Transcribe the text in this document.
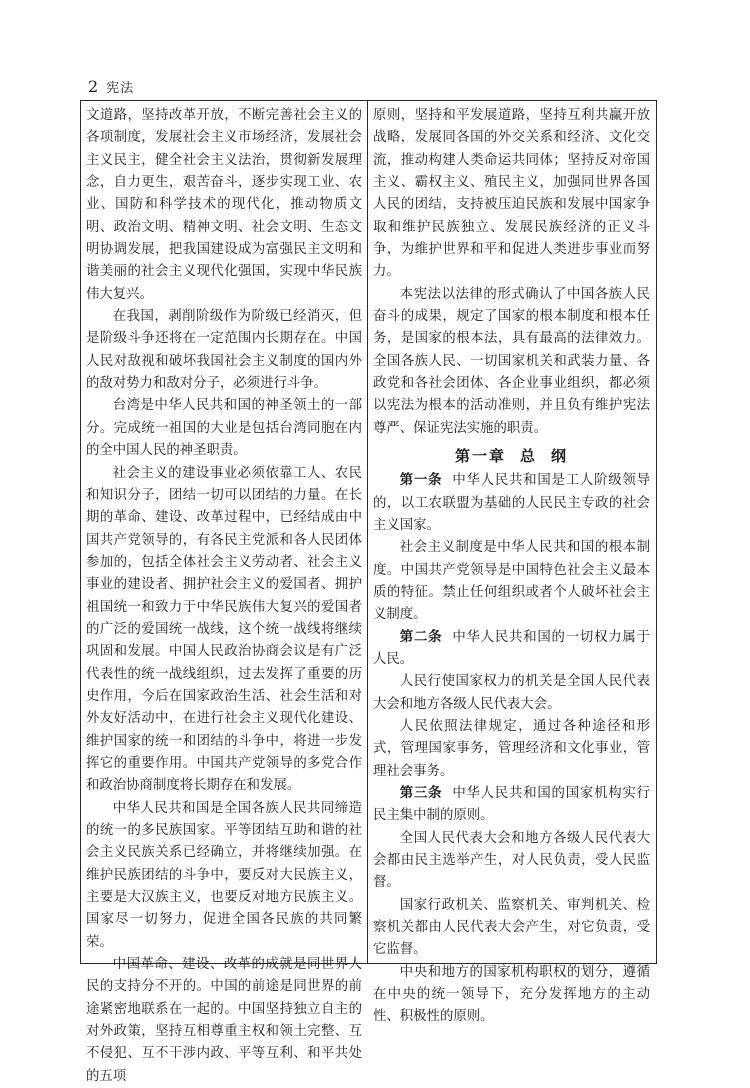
2 宪法

文道路，坚持改革开放，不断完善社会主义的各项制度，发展社会主义市场经济，发展社会主义民主，健全社会主义法治，贯彻新发展理念，自力更生，艰苦奋斗，逐步实现工业、农业、国防和科学技术的现代化，推动物质文明、政治文明、精神文明、社会文明、生态文明协调发展，把我国建设成为富强民主文明和谐美丽的社会主义现代化强国，实现中华民族伟大复兴。

在我国，剥削阶级作为阶级已经消灭，但是阶级斗争还将在一定范围内长期存在。中国人民对敌视和破坏我国社会主义制度的国内外的敌对势力和敌对分子，必须进行斗争。

台湾是中华人民共和国的神圣领土的一部分。完成统一祖国的大业是包括台湾同胞在内的全中国人民的神圣职责。

社会主义的建设事业必须依靠工人、农民和知识分子，团结一切可以团结的力量。在长期的革命、建设、改革过程中，已经结成由中国共产党领导的，有各民主党派和各人民团体参加的，包括全体社会主义劳动者、社会主义事业的建设者、拥护社会主义的爱国者、拥护祖国统一和致力于中华民族伟大复兴的爱国者的广泛的爱国统一战线，这个统一战线将继续巩固和发展。中国人民政治协商会议是有广泛代表性的统一战线组织，过去发挥了重要的历史作用，今后在国家政治生活、社会生活和对外友好活动中，在进行社会主义现代化建设、维护国家的统一和团结的斗争中，将进一步发挥它的重要作用。中国共产党领导的多党合作和政治协商制度将长期存在和发展。

中华人民共和国是全国各族人民共同缔造的统一的多民族国家。平等团结互助和谐的社会主义民族关系已经确立，并将继续加强。在维护民族团结的斗争中，要反对大民族主义，主要是大汉族主义，也要反对地方民族主义。国家尽一切努力，促进全国各民族的共同繁荣。

中国革命、建设、改革的成就是同世界人民的支持分不开的。中国的前途是同世界的前途紧密地联系在一起的。中国坚持独立自主的对外政策，坚持互相尊重主权和领土完整、互不侵犯、互不干涉内政、平等互利、和平共处的五项

原则，坚持和平发展道路，坚持互利共赢开放战略，发展同各国的外交关系和经济、文化交流，推动构建人类命运共同体；坚持反对帝国主义、霸权主义、殖民主义，加强同世界各国人民的团结，支持被压迫民族和发展中国家争取和维护民族独立、发展民族经济的正义斗争，为维护世界和平和促进人类进步事业而努力。

本宪法以法律的形式确认了中国各族人民奋斗的成果，规定了国家的根本制度和根本任务，是国家的根本法，具有最高的法律效力。全国各族人民、一切国家机关和武装力量、各政党和各社会团体、各企业事业组织，都必须以宪法为根本的活动准则，并且负有维护宪法尊严、保证宪法实施的职责。

第一章 总 纲

第一条 中华人民共和国是工人阶级领导的，以工农联盟为基础的人民民主专政的社会主义国家。

社会主义制度是中华人民共和国的根本制度。中国共产党领导是中国特色社会主义最本质的特征。禁止任何组织或者个人破坏社会主义制度。

第二条 中华人民共和国的一切权力属于人民。

人民行使国家权力的机关是全国人民代表大会和地方各级人民代表大会。

人民依照法律规定，通过各种途径和形式，管理国家事务，管理经济和文化事业，管理社会事务。

第三条 中华人民共和国的国家机构实行民主集中制的原则。

全国人民代表大会和地方各级人民代表大会都由民主选举产生，对人民负责，受人民监督。

国家行政机关、监察机关、审判机关、检察机关都由人民代表大会产生，对它负责，受它监督。

中央和地方的国家机构职权的划分，遵循在中央的统一领导下，充分发挥地方的主动性、积极性的原则。
